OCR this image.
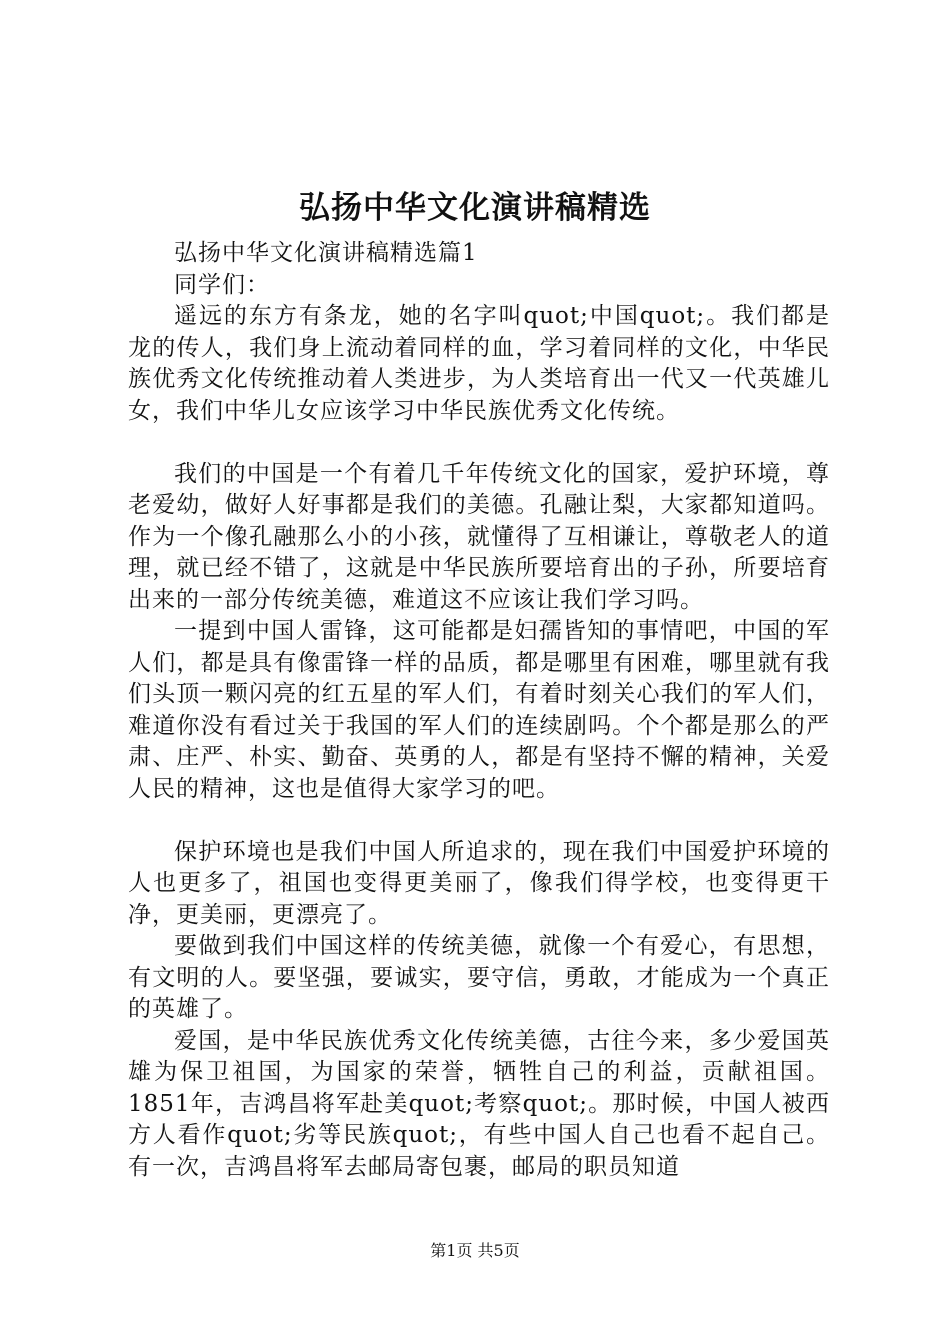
弘扬中华文化演讲稿精选

弘扬中华文化演讲稿精选篇1

同学们：

遥远的东方有条龙，她的名字叫quot;中国quot;。我们都是龙的传人，我们身上流动着同样的血，学习着同样的文化，中华民族优秀文化传统推动着人类进步，为人类培育出一代又一代英雄儿女，我们中华儿女应该学习中华民族优秀文化传统。

我们的中国是一个有着几千年传统文化的国家，爱护环境，尊老爱幼，做好人好事都是我们的美德。孔融让梨，大家都知道吗。作为一个像孔融那么小的小孩，就懂得了互相谦让，尊敬老人的道理，就已经不错了，这就是中华民族所要培育出的子孙，所要培育出来的一部分传统美德，难道这不应该让我们学习吗。

一提到中国人雷锋，这可能都是妇孺皆知的事情吧，中国的军人们，都是具有像雷锋一样的品质，都是哪里有困难，哪里就有我们头顶一颗闪亮的红五星的军人们，有着时刻关心我们的军人们，难道你没有看过关于我国的军人们的连续剧吗。个个都是那么的严肃、庄严、朴实、勤奋、英勇的人，都是有坚持不懈的精神，关爱人民的精神，这也是值得大家学习的吧。

保护环境也是我们中国人所追求的，现在我们中国爱护环境的人也更多了，祖国也变得更美丽了，像我们得学校，也变得更干净，更美丽，更漂亮了。

要做到我们中国这样的传统美德，就像一个有爱心，有思想，有文明的人。要坚强，要诚实，要守信，勇敢，才能成为一个真正的英雄了。

爱国，是中华民族优秀文化传统美德，古往今来，多少爱国英雄为保卫祖国，为国家的荣誉，牺牲自己的利益，贡献祖国。1851年，吉鸿昌将军赴美quot;考察quot;。那时候，中国人被西方人看作quot;劣等民族quot;，有些中国人自己也看不起自己。有一次，吉鸿昌将军去邮局寄包裹，邮局的职员知道

第1页 共5页
